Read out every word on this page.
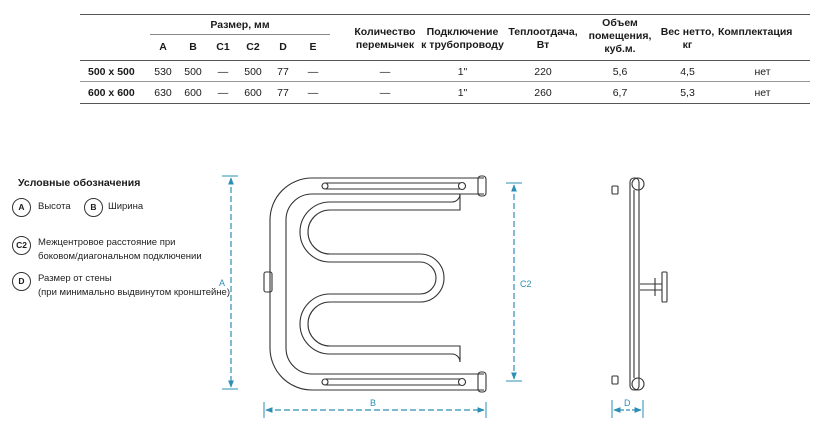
Размер, мм
A	B	C1	C2	D	E
Количество
перемычек
Подключение
к трубопроводу
Теплоотдача,
Вт
Объем
помещения,
куб.м.
Вес нетто,
кг
Комплектация
500 x 500	530	500	—	500	77	—	—	1"	220	5,6	4,5	нет
600 x 600	630	600	—	600	77	—	—	1"	260	6,7	5,3	нет
Условные обозначения
A	Высота	B	Ширина
C2	Межцентровое расстояние при
боковом/диагональном подключении
D	Размер от стены
(при минимально выдвинутом кронштейне)
A	C2
B	D
